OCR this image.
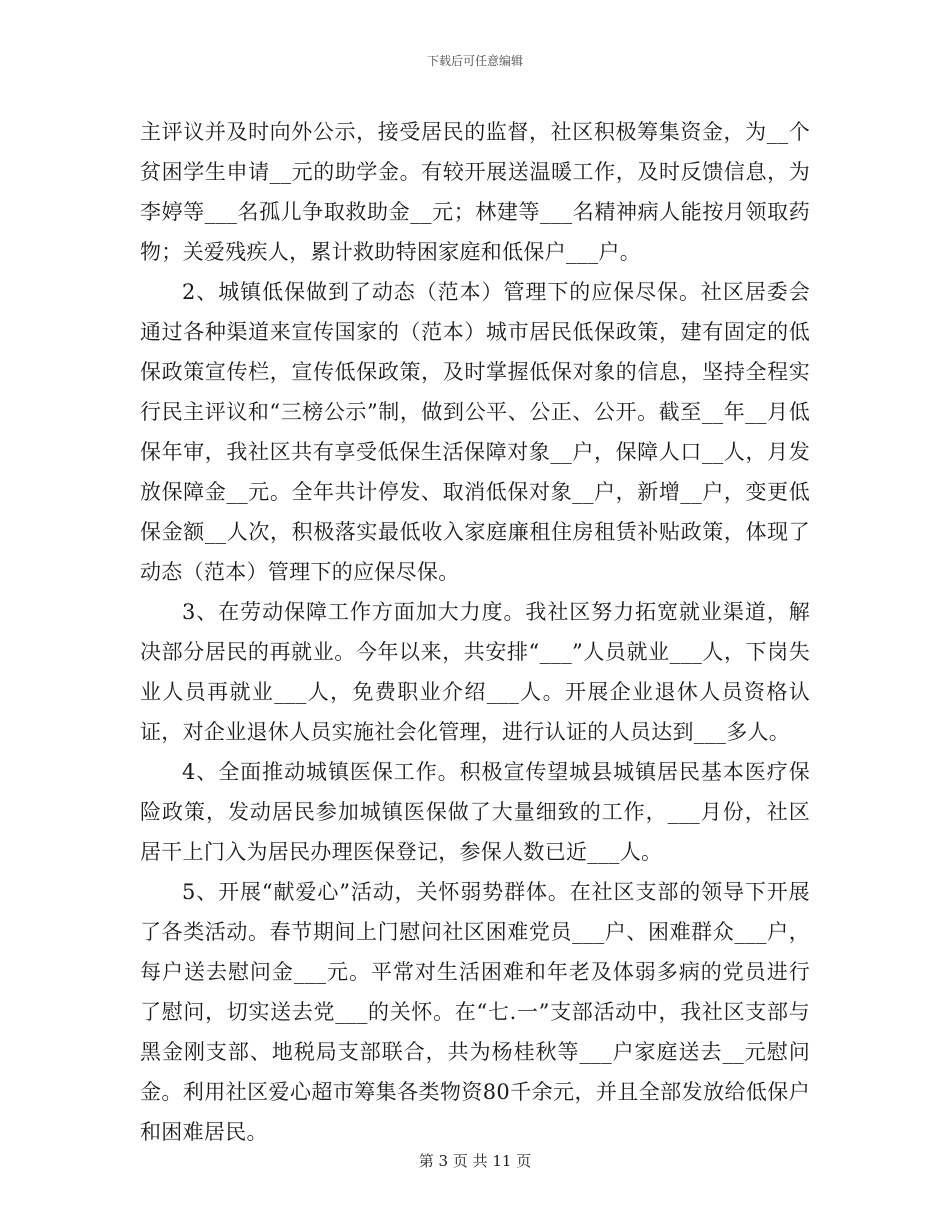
下载后可任意编辑

主评议并及时向外公示，接受居民的监督，社区积极筹集资金，为__个贫困学生申请__元的助学金。有较开展送温暖工作，及时反馈信息，为李婷等___名孤儿争取救助金__元；林建等___名精神病人能按月领取药物；关爱残疾人，累计救助特困家庭和低保户___户。

2、城镇低保做到了动态（范本）管理下的应保尽保。社区居委会通过各种渠道来宣传国家的（范本）城市居民低保政策，建有固定的低保政策宣传栏，宣传低保政策，及时掌握低保对象的信息，坚持全程实行民主评议和“三榜公示”制，做到公平、公正、公开。截至__年__月低保年审，我社区共有享受低保生活保障对象__户，保障人口__人，月发放保障金__元。全年共计停发、取消低保对象__户，新增__户，变更低保金额__人次，积极落实最低收入家庭廉租住房租赁补贴政策，体现了动态（范本）管理下的应保尽保。

3、在劳动保障工作方面加大力度。我社区努力拓宽就业渠道，解决部分居民的再就业。今年以来，共安排“___”人员就业___人，下岗失业人员再就业___人，免费职业介绍___人。开展企业退休人员资格认证，对企业退休人员实施社会化管理，进行认证的人员达到___多人。

4、全面推动城镇医保工作。积极宣传望城县城镇居民基本医疗保险政策，发动居民参加城镇医保做了大量细致的工作，___月份，社区居干上门入为居民办理医保登记，参保人数已近___人。

5、开展“献爱心”活动，关怀弱势群体。在社区支部的领导下开展了各类活动。春节期间上门慰问社区困难党员___户、困难群众___户，每户送去慰问金___元。平常对生活困难和年老及体弱多病的党员进行了慰问，切实送去党___的关怀。在“七.一”支部活动中，我社区支部与黑金刚支部、地税局支部联合，共为杨桂秋等___户家庭送去__元慰问金。利用社区爱心超市筹集各类物资80千余元，并且全部发放给低保户和困难居民。

第 3 页 共 11 页
